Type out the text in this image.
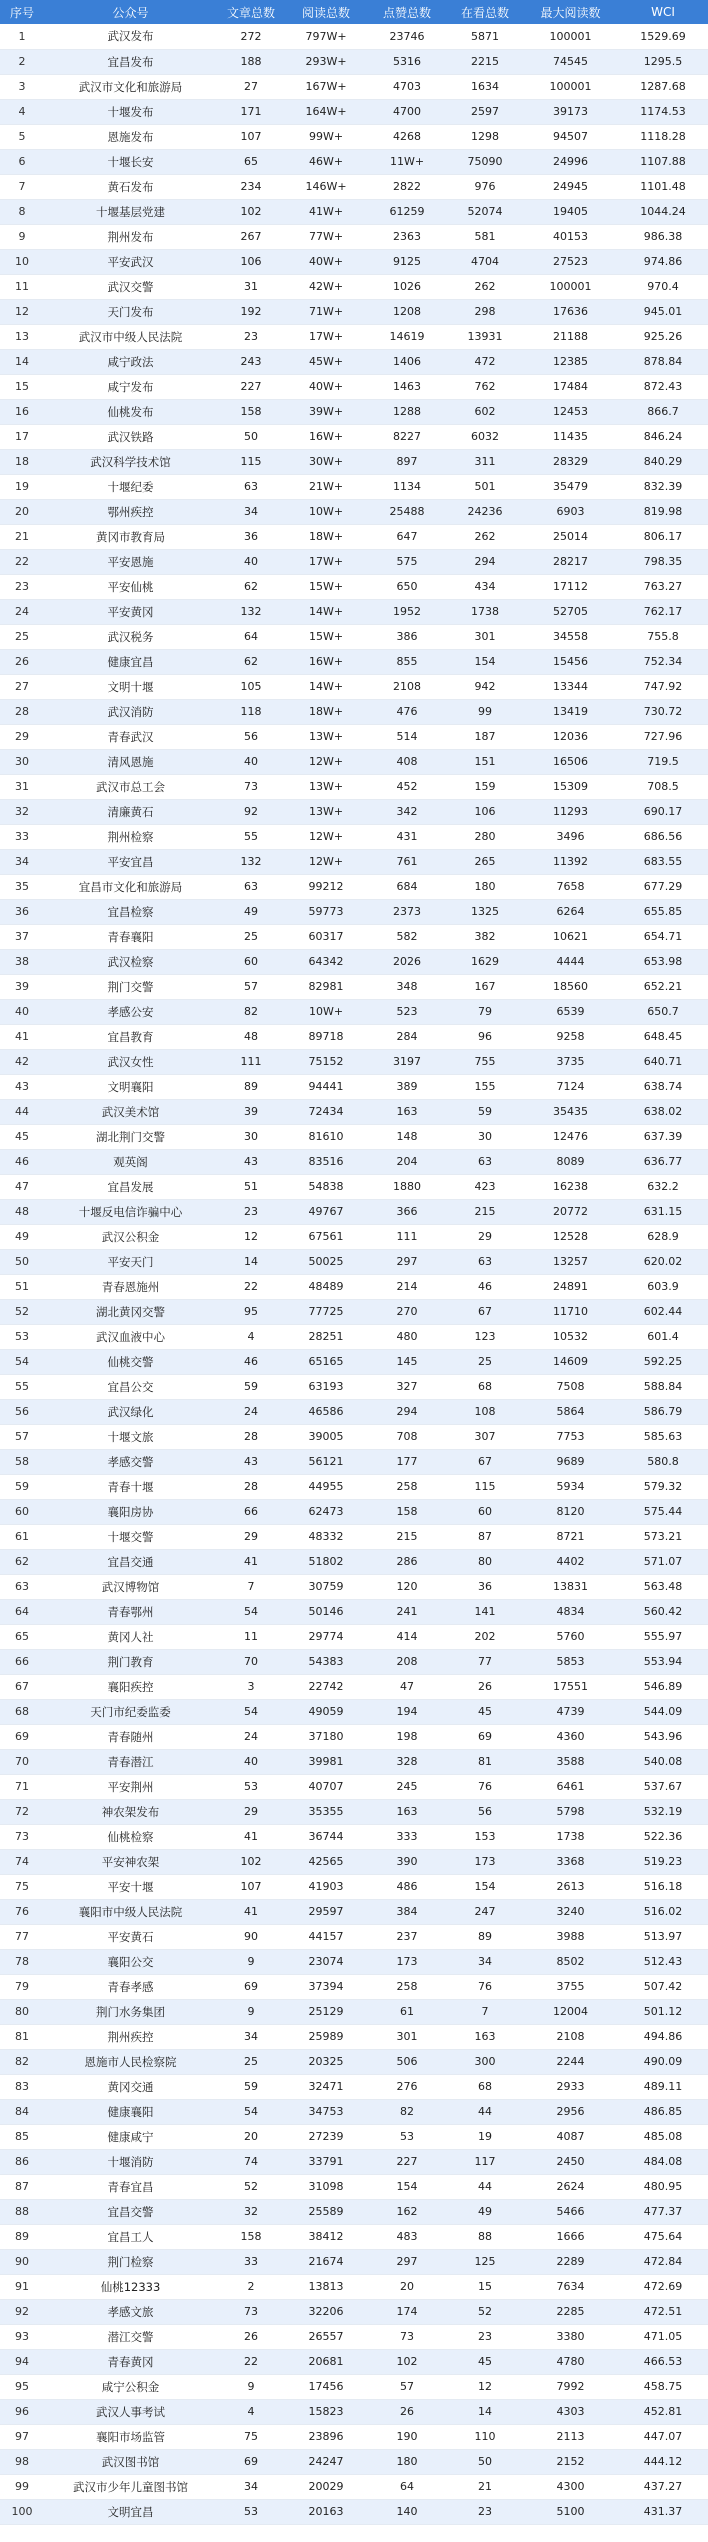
序号	公众号	文章总数	阅读总数	点赞总数	在看总数	最大阅读数	WCI
1	武汉发布	272	797W+	23746	5871	100001	1529.69
2	宜昌发布	188	293W+	5316	2215	74545	1295.5
3	武汉市文化和旅游局	27	167W+	4703	1634	100001	1287.68
4	十堰发布	171	164W+	4700	2597	39173	1174.53
5	恩施发布	107	99W+	4268	1298	94507	1118.28
6	十堰长安	65	46W+	11W+	75090	24996	1107.88
7	黄石发布	234	146W+	2822	976	24945	1101.48
8	十堰基层党建	102	41W+	61259	52074	19405	1044.24
9	荆州发布	267	77W+	2363	581	40153	986.38
10	平安武汉	106	40W+	9125	4704	27523	974.86
11	武汉交警	31	42W+	1026	262	100001	970.4
12	天门发布	192	71W+	1208	298	17636	945.01
13	武汉市中级人民法院	23	17W+	14619	13931	21188	925.26
14	咸宁政法	243	45W+	1406	472	12385	878.84
15	咸宁发布	227	40W+	1463	762	17484	872.43
16	仙桃发布	158	39W+	1288	602	12453	866.7
17	武汉铁路	50	16W+	8227	6032	11435	846.24
18	武汉科学技术馆	115	30W+	897	311	28329	840.29
19	十堰纪委	63	21W+	1134	501	35479	832.39
20	鄂州疾控	34	10W+	25488	24236	6903	819.98
21	黄冈市教育局	36	18W+	647	262	25014	806.17
22	平安恩施	40	17W+	575	294	28217	798.35
23	平安仙桃	62	15W+	650	434	17112	763.27
24	平安黄冈	132	14W+	1952	1738	52705	762.17
25	武汉税务	64	15W+	386	301	34558	755.8
26	健康宜昌	62	16W+	855	154	15456	752.34
27	文明十堰	105	14W+	2108	942	13344	747.92
28	武汉消防	118	18W+	476	99	13419	730.72
29	青春武汉	56	13W+	514	187	12036	727.96
30	清风恩施	40	12W+	408	151	16506	719.5
31	武汉市总工会	73	13W+	452	159	15309	708.5
32	清廉黄石	92	13W+	342	106	11293	690.17
33	荆州检察	55	12W+	431	280	3496	686.56
34	平安宜昌	132	12W+	761	265	11392	683.55
35	宜昌市文化和旅游局	63	99212	684	180	7658	677.29
36	宜昌检察	49	59773	2373	1325	6264	655.85
37	青春襄阳	25	60317	582	382	10621	654.71
38	武汉检察	60	64342	2026	1629	4444	653.98
39	荆门交警	57	82981	348	167	18560	652.21
40	孝感公安	82	10W+	523	79	6539	650.7
41	宜昌教育	48	89718	284	96	9258	648.45
42	武汉女性	111	75152	3197	755	3735	640.71
43	文明襄阳	89	94441	389	155	7124	638.74
44	武汉美术馆	39	72434	163	59	35435	638.02
45	湖北荆门交警	30	81610	148	30	12476	637.39
46	观英阁	43	83516	204	63	8089	636.77
47	宜昌发展	51	54838	1880	423	16238	632.2
48	十堰反电信诈骗中心	23	49767	366	215	20772	631.15
49	武汉公积金	12	67561	111	29	12528	628.9
50	平安天门	14	50025	297	63	13257	620.02
51	青春恩施州	22	48489	214	46	24891	603.9
52	湖北黄冈交警	95	77725	270	67	11710	602.44
53	武汉血液中心	4	28251	480	123	10532	601.4
54	仙桃交警	46	65165	145	25	14609	592.25
55	宜昌公交	59	63193	327	68	7508	588.84
56	武汉绿化	24	46586	294	108	5864	586.79
57	十堰文旅	28	39005	708	307	7753	585.63
58	孝感交警	43	56121	177	67	9689	580.8
59	青春十堰	28	44955	258	115	5934	579.32
60	襄阳房协	66	62473	158	60	8120	575.44
61	十堰交警	29	48332	215	87	8721	573.21
62	宜昌交通	41	51802	286	80	4402	571.07
63	武汉博物馆	7	30759	120	36	13831	563.48
64	青春鄂州	54	50146	241	141	4834	560.42
65	黄冈人社	11	29774	414	202	5760	555.97
66	荆门教育	70	54383	208	77	5853	553.94
67	襄阳疾控	3	22742	47	26	17551	546.89
68	天门市纪委监委	54	49059	194	45	4739	544.09
69	青春随州	24	37180	198	69	4360	543.96
70	青春潜江	40	39981	328	81	3588	540.08
71	平安荆州	53	40707	245	76	6461	537.67
72	神农架发布	29	35355	163	56	5798	532.19
73	仙桃检察	41	36744	333	153	1738	522.36
74	平安神农架	102	42565	390	173	3368	519.23
75	平安十堰	107	41903	486	154	2613	516.18
76	襄阳市中级人民法院	41	29597	384	247	3240	516.02
77	平安黄石	90	44157	237	89	3988	513.97
78	襄阳公交	9	23074	173	34	8502	512.43
79	青春孝感	69	37394	258	76	3755	507.42
80	荆门水务集团	9	25129	61	7	12004	501.12
81	荆州疾控	34	25989	301	163	2108	494.86
82	恩施市人民检察院	25	20325	506	300	2244	490.09
83	黄冈交通	59	32471	276	68	2933	489.11
84	健康襄阳	54	34753	82	44	2956	486.85
85	健康咸宁	20	27239	53	19	4087	485.08
86	十堰消防	74	33791	227	117	2450	484.08
87	青春宜昌	52	31098	154	44	2624	480.95
88	宜昌交警	32	25589	162	49	5466	477.37
89	宜昌工人	158	38412	483	88	1666	475.64
90	荆门检察	33	21674	297	125	2289	472.84
91	仙桃12333	2	13813	20	15	7634	472.69
92	孝感文旅	73	32206	174	52	2285	472.51
93	潜江交警	26	26557	73	23	3380	471.05
94	青春黄冈	22	20681	102	45	4780	466.53
95	咸宁公积金	9	17456	57	12	7992	458.75
96	武汉人事考试	4	15823	26	14	4303	452.81
97	襄阳市场监管	75	23896	190	110	2113	447.07
98	武汉图书馆	69	24247	180	50	2152	444.12
99	武汉市少年儿童图书馆	34	20029	64	21	4300	437.27
100	文明宜昌	53	20163	140	23	5100	431.37
